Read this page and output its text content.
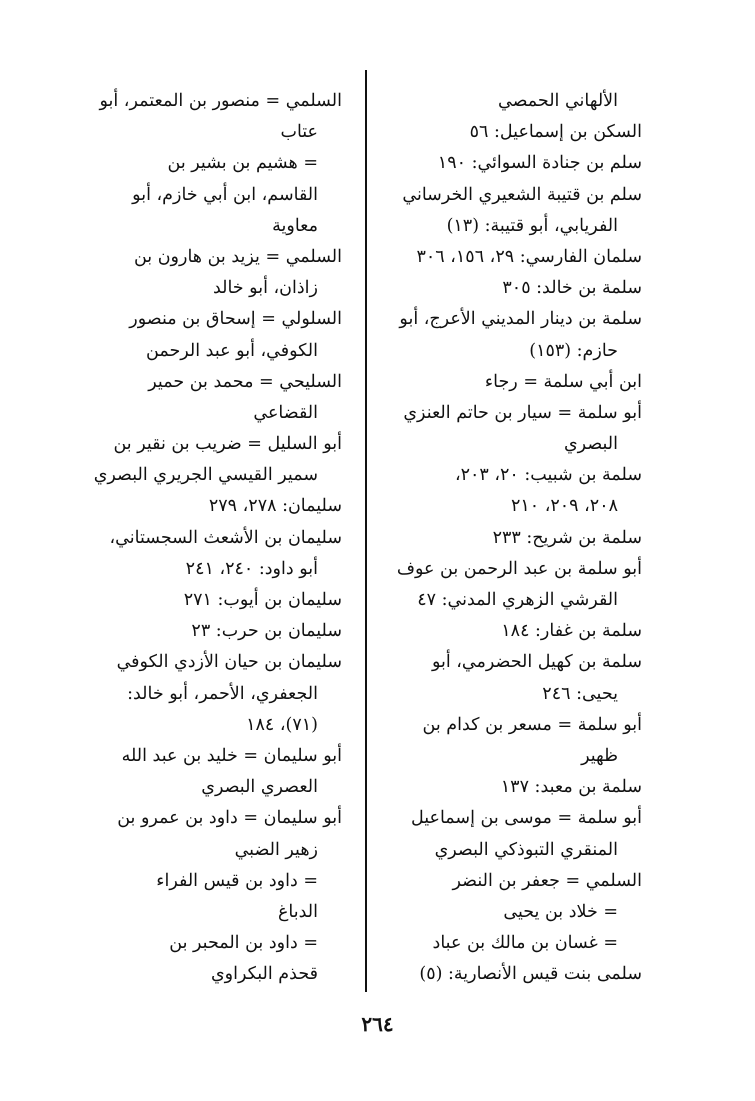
الألهاني الحمصي
السكن بن إسماعيل: ٥٦
سلم بن جنادة السوائي: ١٩٠
سلم بن قتيبة الشعيري الخرساني
الفريابي، أبو قتيبة: (١٣)
سلمان الفارسي: ٢٩، ١٥٦، ٣٠٦
سلمة بن خالد: ٣٠٥
سلمة بن دينار المديني الأعرج، أبو
حازم: (١٥٣)
ابن أبي سلمة = رجاء
أبو سلمة = سيار بن حاتم العنزي
البصري
سلمة بن شبيب: ٢٠، ٢٠٣،
٢٠٨، ٢٠٩، ٢١٠
سلمة بن شريح: ٢٣٣
أبو سلمة بن عبد الرحمن بن عوف
القرشي الزهري المدني: ٤٧
سلمة بن غفار: ١٨٤
سلمة بن كهيل الحضرمي، أبو
يحيى: ٢٤٦
أبو سلمة = مسعر بن كدام بن
ظهير
سلمة بن معبد: ١٣٧
أبو سلمة = موسى بن إسماعيل
المنقري التبوذكي البصري
السلمي = جعفر بن النضر
= خلاد بن يحيى
= غسان بن مالك بن عباد
سلمى بنت قيس الأنصارية: (٥)
السلمي = منصور بن المعتمر، أبو
عتاب
= هشيم بن بشير بن
القاسم، ابن أبي خازم، أبو
معاوية
السلمي = يزيد بن هارون بن
زاذان، أبو خالد
السلولي = إسحاق بن منصور
الكوفي، أبو عبد الرحمن
السليحي = محمد بن حمير
القضاعي
أبو السليل = ضريب بن نقير بن
سمير القيسي الجريري البصري
سليمان: ٢٧٨، ٢٧٩
سليمان بن الأشعث السجستاني،
أبو داود: ٢٤٠، ٢٤١
سليمان بن أيوب: ٢٧١
سليمان بن حرب: ٢٣
سليمان بن حيان الأزدي الكوفي
الجعفري، الأحمر، أبو خالد:
(٧١)، ١٨٤
أبو سليمان = خليد بن عبد الله
العصري البصري
أبو سليمان = داود بن عمرو بن
زهير الضبي
= داود بن قيس الفراء
الدباغ
= داود بن المحبر بن
قحذم البكراوي
٢٦٤
